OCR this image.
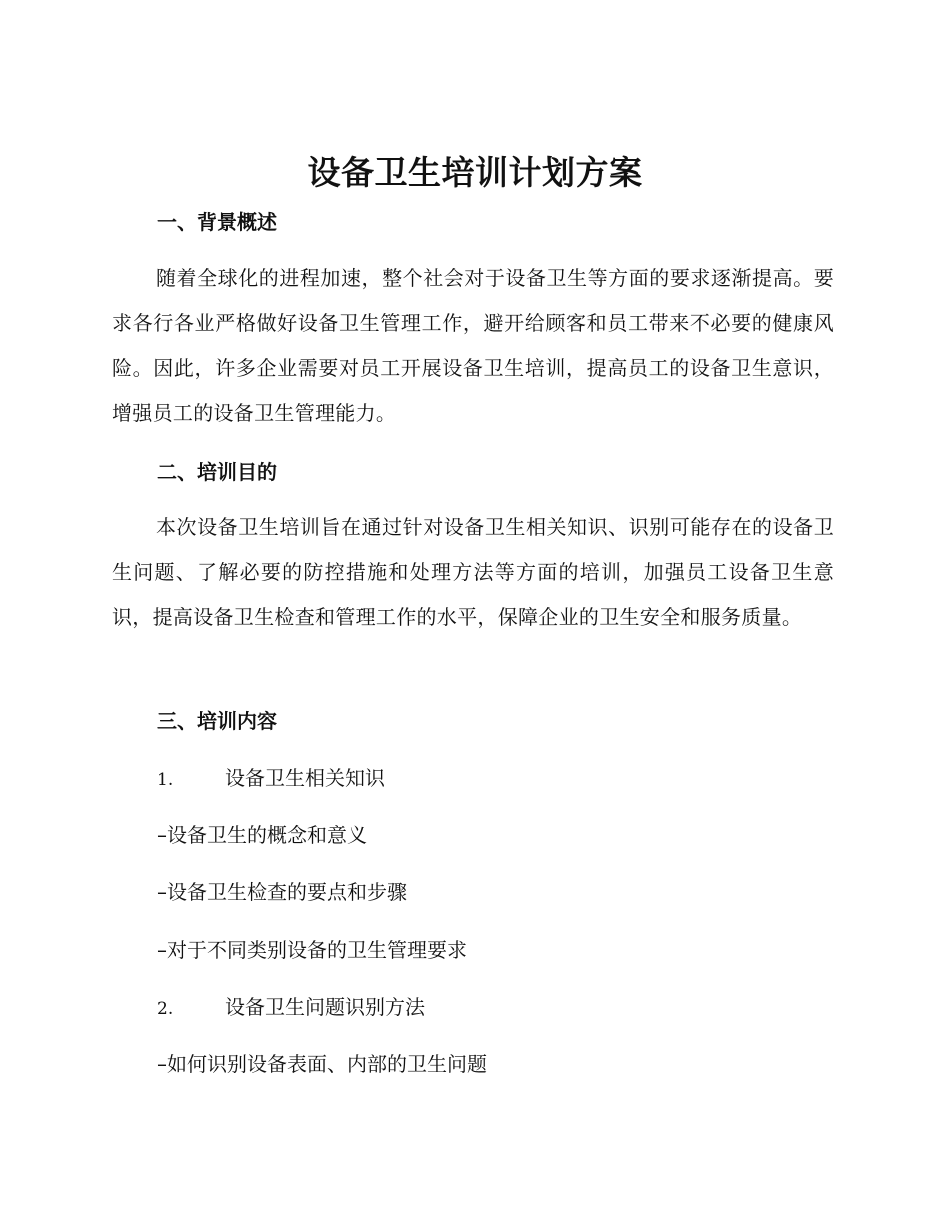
设备卫生培训计划方案
一、背景概述

随着全球化的进程加速，整个社会对于设备卫生等方面的要求逐渐提高。要求各行各业严格做好设备卫生管理工作，避开给顾客和员工带来不必要的健康风险。因此，许多企业需要对员工开展设备卫生培训，提高员工的设备卫生意识，增强员工的设备卫生管理能力。

二、培训目的

本次设备卫生培训旨在通过针对设备卫生相关知识、识别可能存在的设备卫生问题、了解必要的防控措施和处理方法等方面的培训，加强员工设备卫生意识，提高设备卫生检查和管理工作的水平，保障企业的卫生安全和服务质量。

三、培训内容

1.	设备卫生相关知识

–设备卫生的概念和意义

–设备卫生检查的要点和步骤

–对于不同类别设备的卫生管理要求

2.	设备卫生问题识别方法

–如何识别设备表面、内部的卫生问题
